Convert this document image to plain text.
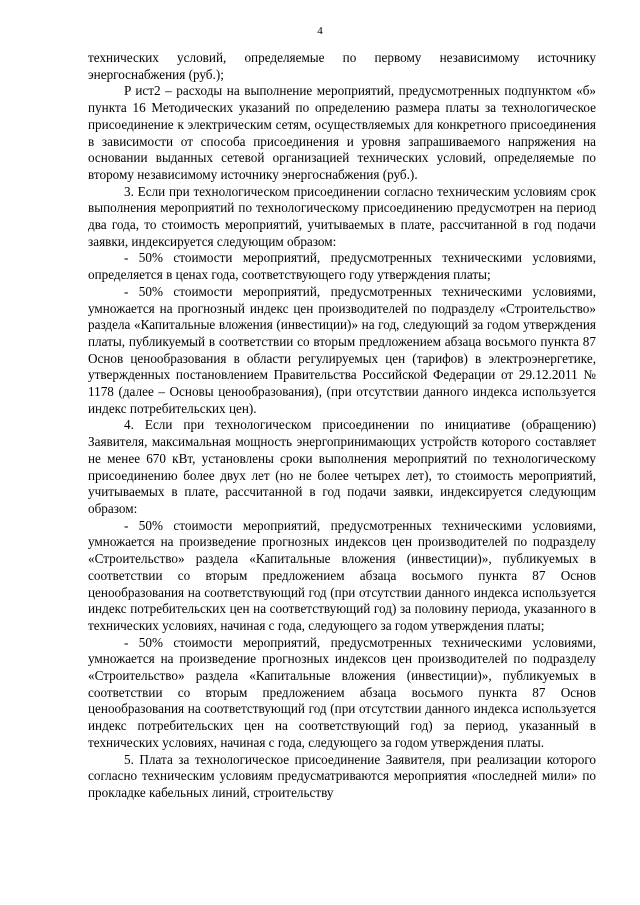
4

технических условий, определяемые по первому независимому источнику энергоснабжения (руб.);

P ист2 – расходы на выполнение мероприятий, предусмотренных подпунктом «б» пункта 16 Методических указаний по определению размера платы за технологическое присоединение к электрическим сетям, осуществляемых для конкретного присоединения в зависимости от способа присоединения и уровня запрашиваемого напряжения на основании выданных сетевой организацией технических условий, определяемые по второму независимому источнику энергоснабжения (руб.).

3. Если при технологическом присоединении согласно техническим условиям срок выполнения мероприятий по технологическому присоединению предусмотрен на период два года, то стоимость мероприятий, учитываемых в плате, рассчитанной в год подачи заявки, индексируется следующим образом:

- 50% стоимости мероприятий, предусмотренных техническими условиями, определяется в ценах года, соответствующего году утверждения платы;

- 50% стоимости мероприятий, предусмотренных техническими условиями, умножается на прогнозный индекс цен производителей по подразделу «Строительство» раздела «Капитальные вложения (инвестиции)» на год, следующий за годом утверждения платы, публикуемый в соответствии со вторым предложением абзаца восьмого пункта 87 Основ ценообразования в области регулируемых цен (тарифов) в электроэнергетике, утвержденных постановлением Правительства Российской Федерации от 29.12.2011 № 1178 (далее – Основы ценообразования), (при отсутствии данного индекса используется индекс потребительских цен).

4. Если при технологическом присоединении по инициативе (обращению) Заявителя, максимальная мощность энергопринимающих устройств которого составляет не менее 670 кВт, установлены сроки выполнения мероприятий по технологическому присоединению более двух лет (но не более четырех лет), то стоимость мероприятий, учитываемых в плате, рассчитанной в год подачи заявки, индексируется следующим образом:

- 50% стоимости мероприятий, предусмотренных техническими условиями, умножается на произведение прогнозных индексов цен производителей по подразделу «Строительство» раздела «Капитальные вложения (инвестиции)», публикуемых в соответствии со вторым предложением абзаца восьмого пункта 87 Основ ценообразования на соответствующий год (при отсутствии данного индекса используется индекс потребительских цен на соответствующий год) за половину периода, указанного в технических условиях, начиная с года, следующего за годом утверждения платы;

- 50% стоимости мероприятий, предусмотренных техническими условиями, умножается на произведение прогнозных индексов цен производителей по подразделу «Строительство» раздела «Капитальные вложения (инвестиции)», публикуемых в соответствии со вторым предложением абзаца восьмого пункта 87 Основ ценообразования на соответствующий год (при отсутствии данного индекса используется индекс потребительских цен на соответствующий год) за период, указанный в технических условиях, начиная с года, следующего за годом утверждения платы.

5. Плата за технологическое присоединение Заявителя, при реализации которого согласно техническим условиям предусматриваются мероприятия «последней мили» по прокладке кабельных линий, строительству
